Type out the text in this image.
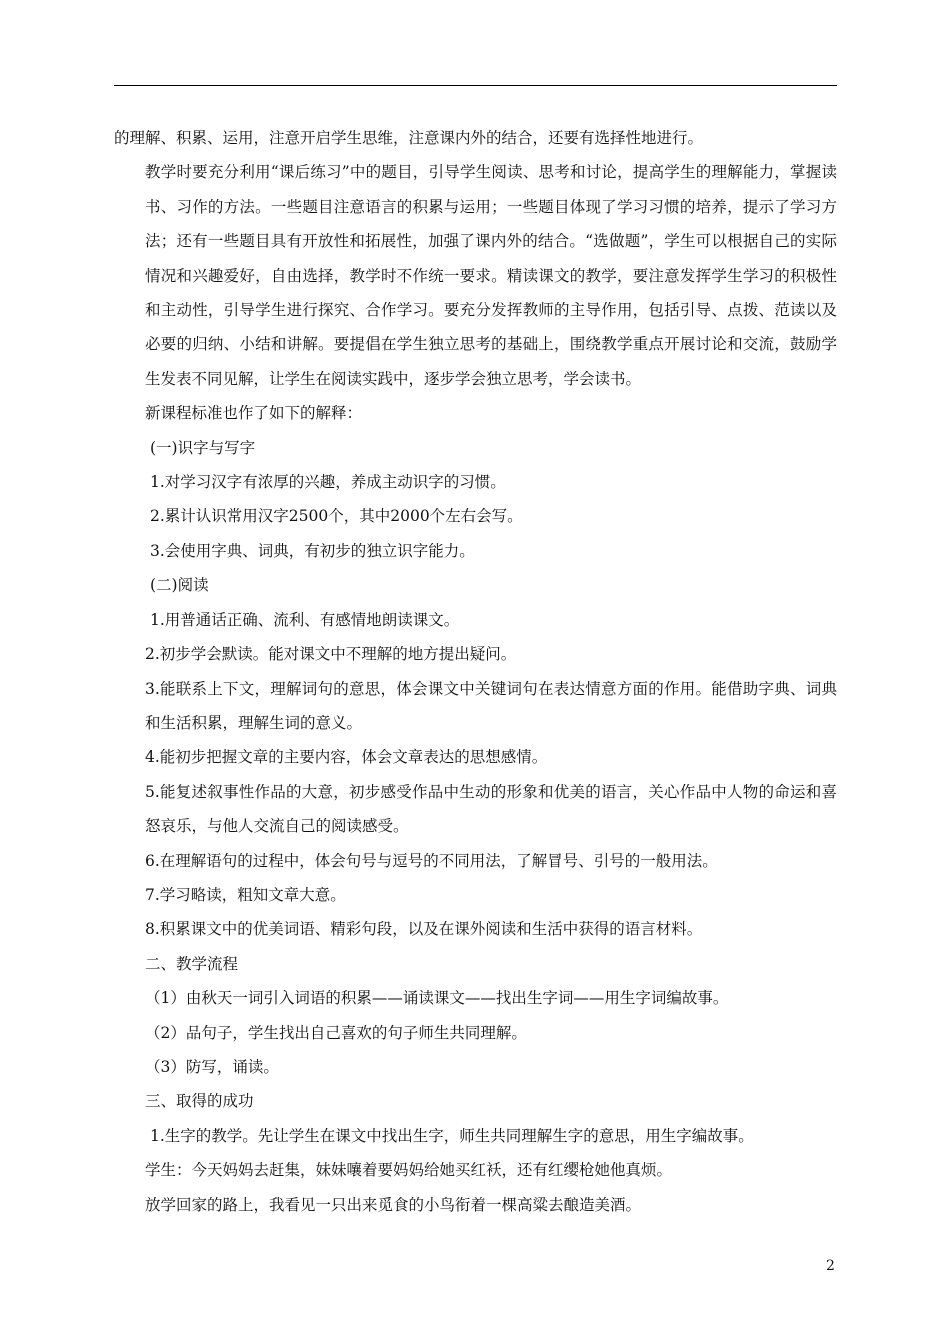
的理解、积累、运用，注意开启学生思维，注意课内外的结合，还要有选择性地进行。

教学时要充分利用“课后练习”中的题目，引导学生阅读、思考和讨论，提高学生的理解能力，掌握读书、习作的方法。一些题目注意语言的积累与运用；一些题目体现了学习习惯的培养，提示了学习方法；还有一些题目具有开放性和拓展性，加强了课内外的结合。“选做题”，学生可以根据自己的实际情况和兴趣爱好，自由选择，教学时不作统一要求。精读课文的教学，要注意发挥学生学习的积极性和主动性，引导学生进行探究、合作学习。要充分发挥教师的主导作用，包括引导、点拨、范读以及必要的归纳、小结和讲解。要提倡在学生独立思考的基础上，围绕教学重点开展讨论和交流，鼓励学生发表不同见解，让学生在阅读实践中，逐步学会独立思考，学会读书。

新课程标准也作了如下的解释：

(一)识字与写字

1.对学习汉字有浓厚的兴趣，养成主动识字的习惯。

2.累计认识常用汉字2500个，其中2000个左右会写。

3.会使用字典、词典，有初步的独立识字能力。

(二)阅读

1.用普通话正确、流利、有感情地朗读课文。

2.初步学会默读。能对课文中不理解的地方提出疑问。

3.能联系上下文，理解词句的意思，体会课文中关键词句在表达情意方面的作用。能借助字典、词典和生活积累，理解生词的意义。

4.能初步把握文章的主要内容，体会文章表达的思想感情。

5.能复述叙事性作品的大意，初步感受作品中生动的形象和优美的语言，关心作品中人物的命运和喜怒哀乐，与他人交流自己的阅读感受。

6.在理解语句的过程中，体会句号与逗号的不同用法，了解冒号、引号的一般用法。

7.学习略读，粗知文章大意。

8.积累课文中的优美词语、精彩句段，以及在课外阅读和生活中获得的语言材料。

二、教学流程

（1）由秋天一词引入词语的积累——诵读课文——找出生字词——用生字词编故事。

（2）品句子，学生找出自己喜欢的句子师生共同理解。

（3）防写，诵读。

三、取得的成功

1.生字的教学。先让学生在课文中找出生字，师生共同理解生字的意思，用生字编故事。

学生：今天妈妈去赶集，妹妹嚷着要妈妈给她买红袄，还有红缨枪她他真烦。

放学回家的路上，我看见一只出来觅食的小鸟衔着一棵高粱去酿造美酒。

2
